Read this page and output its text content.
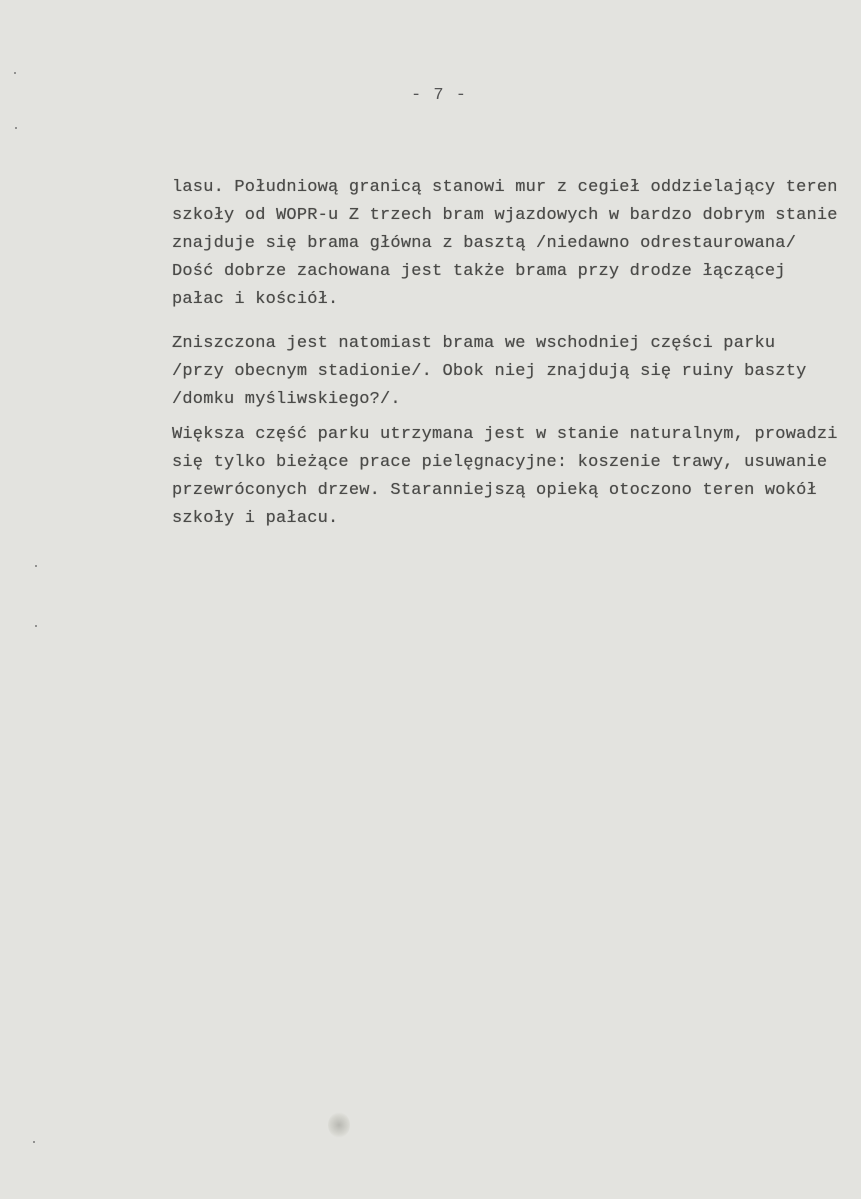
- 7 -
lasu. Południową granicą stanowi mur z cegieł oddzielający teren
szkoły od WOPR-u Z trzech bram wjazdowych w bardzo dobrym stanie
znajduje się brama główna z basztą /niedawno odrestaurowana/
Dość dobrze zachowana jest także brama przy drodze łączącej
pałac i kościół.
Zniszczona jest natomiast brama we wschodniej części parku
/przy obecnym stadionie/. Obok niej znajdują się ruiny baszty
/domku myśliwskiego?/.
Większa część parku utrzymana jest w stanie naturalnym, prowadzi
się tylko bieżące prace pielęgnacyjne: koszenie trawy, usuwanie
przewróconych drzew. Staranniejszą opieką otoczono teren wokół
szkoły i pałacu.
